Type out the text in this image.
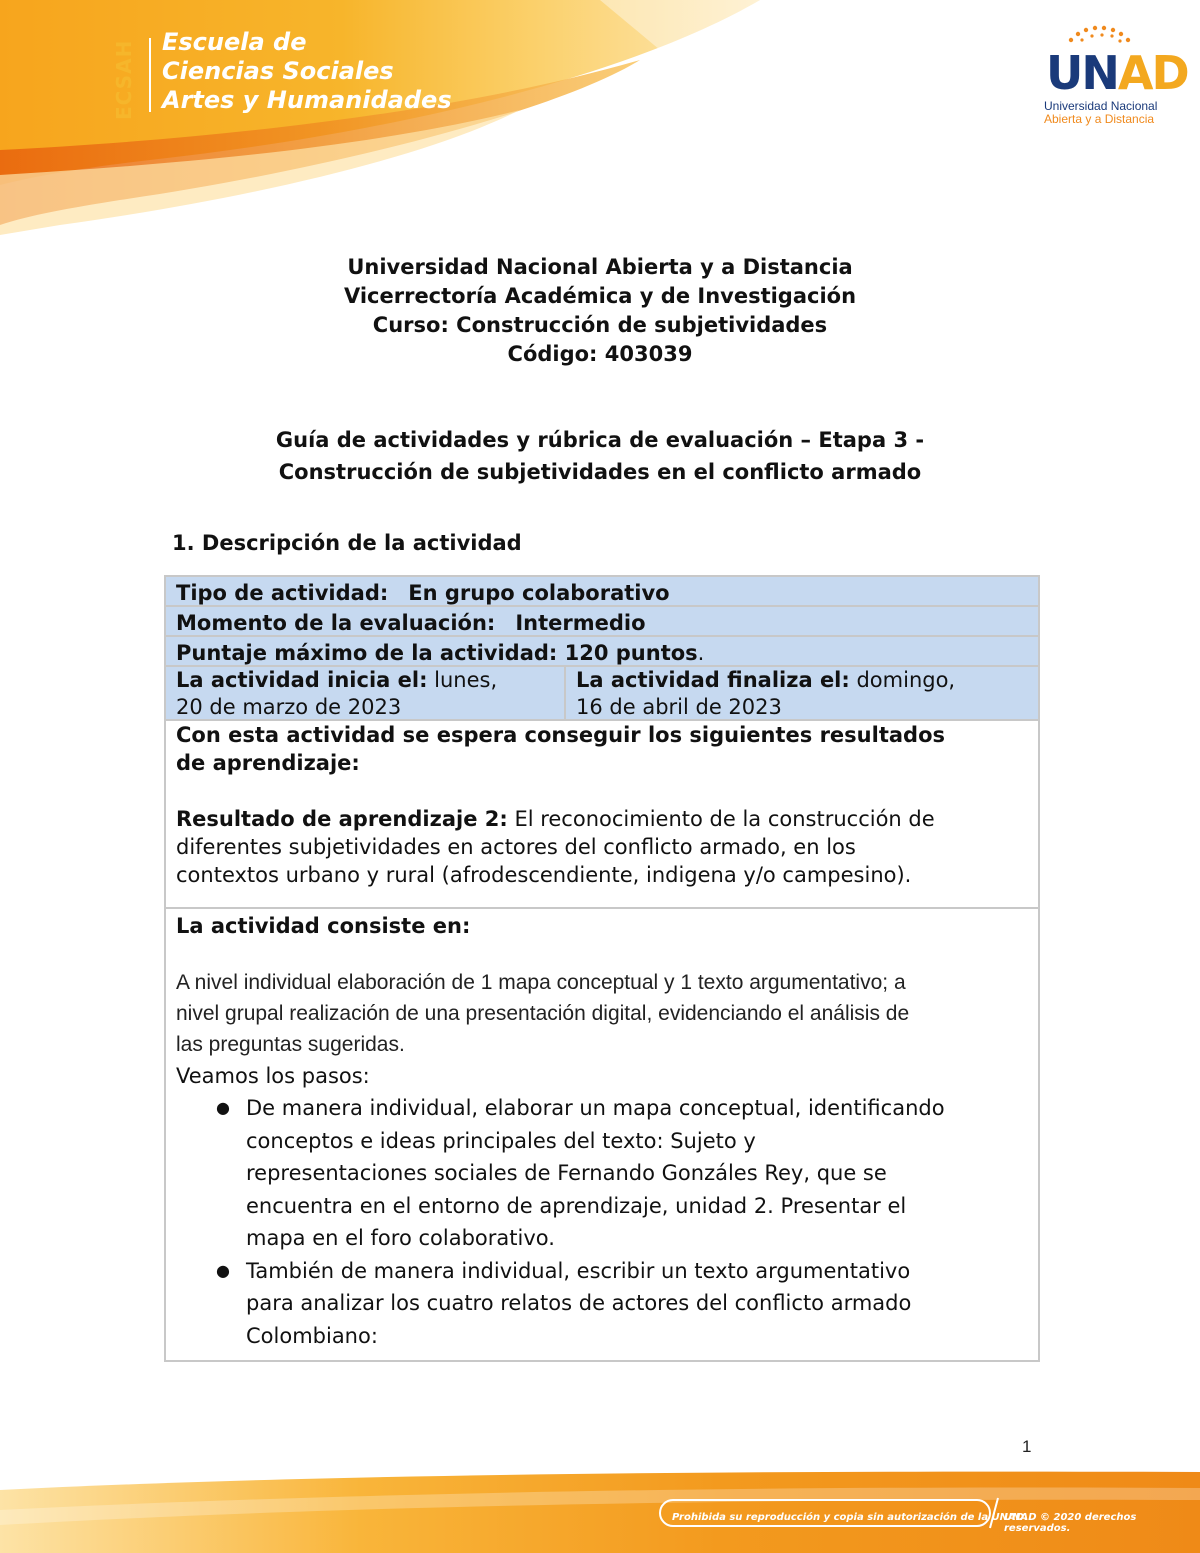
ECSAH Escuela de
Ciencias Sociales
Artes y Humanidades	UNAD
Universidad Nacional
Abierta y a Distancia
Universidad Nacional Abierta y a Distancia
Vicerrectoría Académica y de Investigación
Curso: Construcción de subjetividades
Código: 403039
Guía de actividades y rúbrica de evaluación – Etapa 3 -
Construcción de subjetividades en el conflicto armado
1. Descripción de la actividad
Tipo de actividad: En grupo colaborativo
Momento de la evaluación: Intermedio
Puntaje máximo de la actividad: 120 puntos.
La actividad inicia el: lunes,
20 de marzo de 2023
La actividad finaliza el: domingo,
16 de abril de 2023

Con esta actividad se espera conseguir los siguientes resultados

de aprendizaje:

Resultado de aprendizaje 2: El reconocimiento de la construcción de

diferentes subjetividades en actores del conflicto armado, en los

contextos urbano y rural (afrodescendiente, indigena y/o campesino).

La actividad consiste en:

A nivel individual elaboración de 1 mapa conceptual y 1 texto argumentativo; a

nivel grupal realización de una presentación digital, evidenciando el análisis de

las preguntas sugeridas.

Veamos los pasos:
● De manera individual, elaborar un mapa conceptual, identificando
conceptos e ideas principales del texto: Sujeto y
representaciones sociales de Fernando Gonzáles Rey, que se
encuentra en el entorno de aprendizaje, unidad 2. Presentar el
mapa en el foro colaborativo.
● También de manera individual, escribir un texto argumentativo
para analizar los cuatro relatos de actores del conflicto armado
Colombiano:
1
Prohibida su reproducción y copia sin autorización de la UNAD.
UNAD © 2020 derechos reservados.
